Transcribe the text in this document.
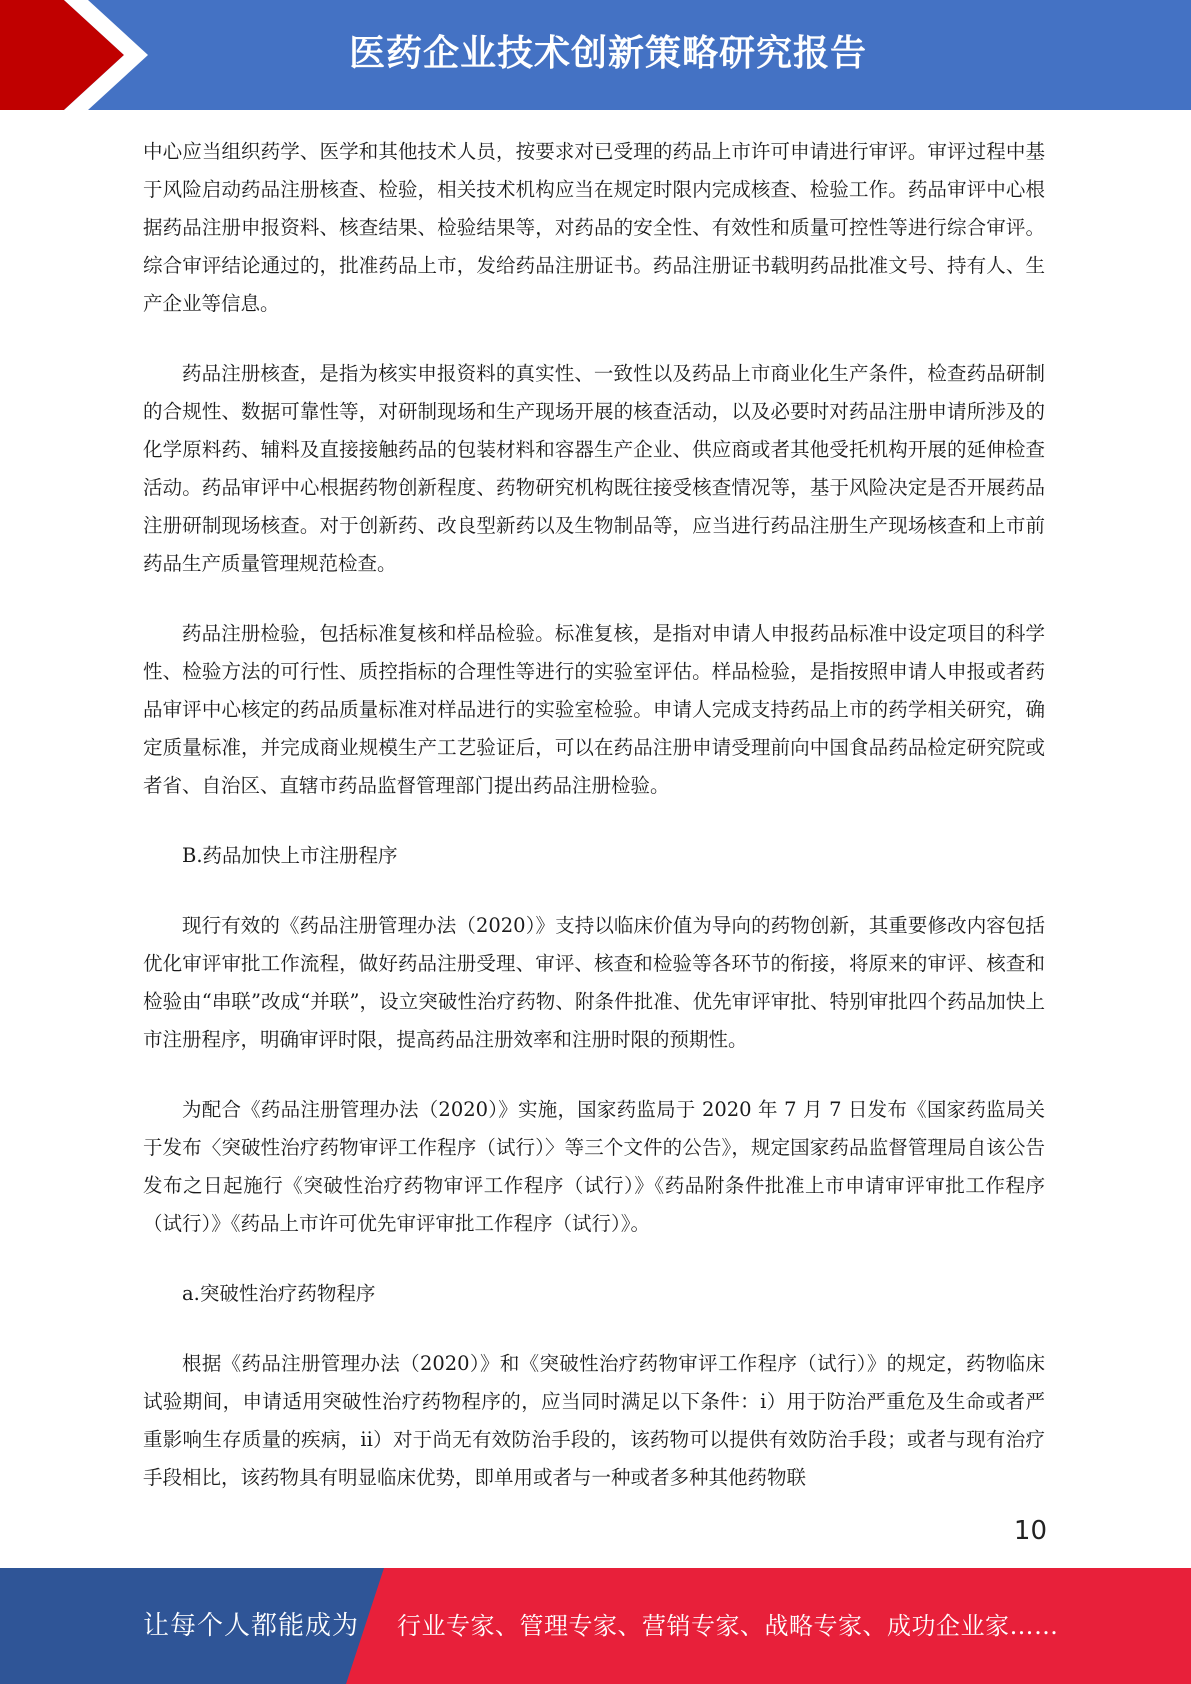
医药企业技术创新策略研究报告

中心应当组织药学、医学和其他技术人员，按要求对已受理的药品上市许可申请进行审评。审评过程中基于风险启动药品注册核查、检验，相关技术机构应当在规定时限内完成核查、检验工作。药品审评中心根据药品注册申报资料、核查结果、检验结果等，对药品的安全性、有效性和质量可控性等进行综合审评。综合审评结论通过的，批准药品上市，发给药品注册证书。药品注册证书载明药品批准文号、持有人、生产企业等信息。

药品注册核查，是指为核实申报资料的真实性、一致性以及药品上市商业化生产条件，检查药品研制的合规性、数据可靠性等，对研制现场和生产现场开展的核查活动，以及必要时对药品注册申请所涉及的化学原料药、辅料及直接接触药品的包装材料和容器生产企业、供应商或者其他受托机构开展的延伸检查活动。药品审评中心根据药物创新程度、药物研究机构既往接受核查情况等，基于风险决定是否开展药品注册研制现场核查。对于创新药、改良型新药以及生物制品等，应当进行药品注册生产现场核查和上市前药品生产质量管理规范检查。

药品注册检验，包括标准复核和样品检验。标准复核，是指对申请人申报药品标准中设定项目的科学性、检验方法的可行性、质控指标的合理性等进行的实验室评估。样品检验，是指按照申请人申报或者药品审评中心核定的药品质量标准对样品进行的实验室检验。申请人完成支持药品上市的药学相关研究，确定质量标准，并完成商业规模生产工艺验证后，可以在药品注册申请受理前向中国食品药品检定研究院或者省、自治区、直辖市药品监督管理部门提出药品注册检验。

B.药品加快上市注册程序

现行有效的《药品注册管理办法（2020）》支持以临床价值为导向的药物创新，其重要修改内容包括优化审评审批工作流程，做好药品注册受理、审评、核查和检验等各环节的衔接，将原来的审评、核查和检验由“串联”改成“并联”，设立突破性治疗药物、附条件批准、优先审评审批、特别审批四个药品加快上市注册程序，明确审评时限，提高药品注册效率和注册时限的预期性。

为配合《药品注册管理办法（2020）》实施，国家药监局于 2020 年 7 月 7 日发布《国家药监局关于发布〈突破性治疗药物审评工作程序（试行）〉等三个文件的公告》，规定国家药品监督管理局自该公告发布之日起施行《突破性治疗药物审评工作程序（试行）》《药品附条件批准上市申请审评审批工作程序（试行）》《药品上市许可优先审评审批工作程序（试行）》。

a.突破性治疗药物程序

根据《药品注册管理办法（2020）》和《突破性治疗药物审评工作程序（试行）》的规定，药物临床试验期间，申请适用突破性治疗药物程序的，应当同时满足以下条件：i）用于防治严重危及生命或者严重影响生存质量的疾病，ii）对于尚无有效防治手段的，该药物可以提供有效防治手段；或者与现有治疗手段相比，该药物具有明显临床优势，即单用或者与一种或者多种其他药物联

10
让每个人都能成为 行业专家、管理专家、营销专家、战略专家、成功企业家……
